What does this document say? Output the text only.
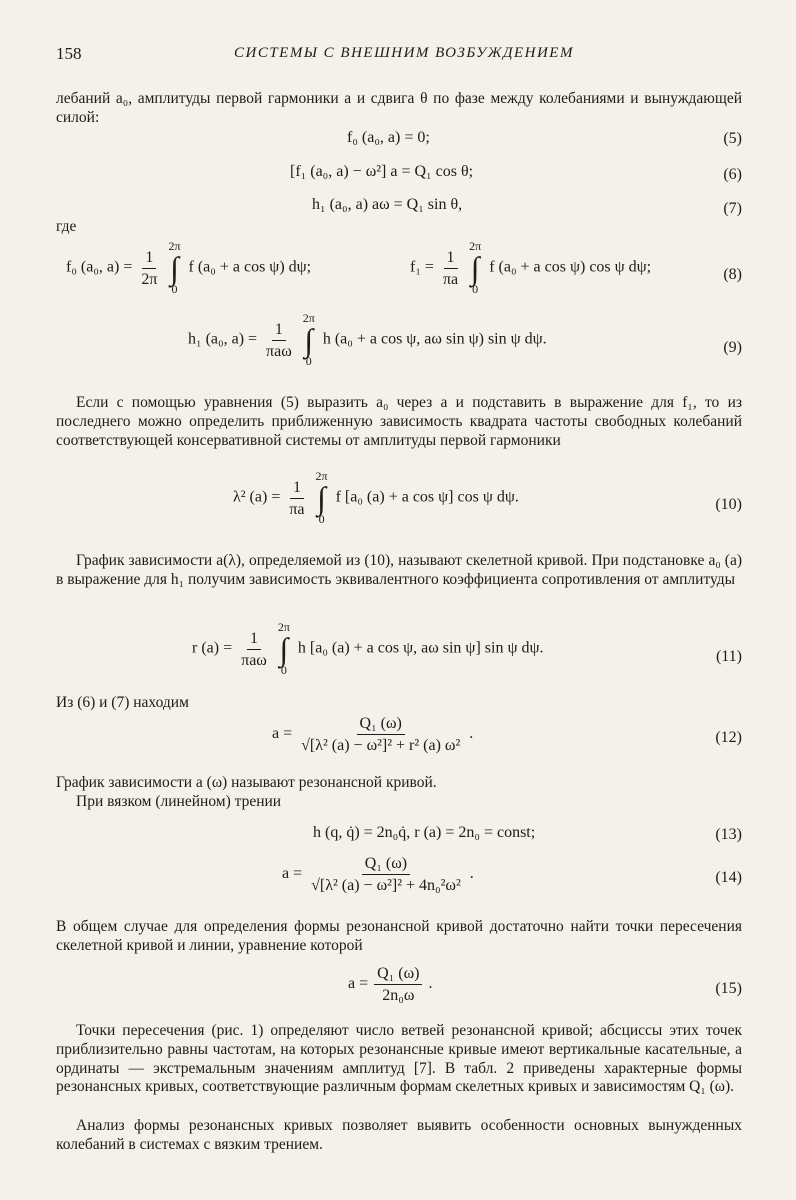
158	СИСТЕМЫ С ВНЕШНИМ ВОЗБУЖДЕНИЕМ
лебаний a₀, амплитуды первой гармоники a и сдвига θ по фазе между колебаниями и вынуждающей силой:
f₀ (a₀, a) = 0;	(5)
[f₁ (a₀, a) − ω²] a = Q₁ cos θ;	(6)
h₁ (a₀, a) aω = Q₁ sin θ,	(7)
где
f₀ (a₀, $a) = \frac{1}{2\pi}$

2π
∫
0
f (a₀ + a cos ψ) dψ;	$f_1 = \frac{1}{\pi a}$

2π
∫
0
f (a₀ + a cos ψ) cos ψ dψ;	(8)
h₁ (a₀, $a) = \frac{1}{\text{πaω}}$

2π
∫
0
h (a₀ + a cos ψ, aω sin ψ) sin ψ dψ.	(9)
Если с помощью уравнения (5) выразить a₀ через a и подставить в выражение для f₁, то из последнего можно определить приближенную зависимость квадрата частоты свободных колебаний соответствующей консервативной системы от амплитуды первой гармоники
λ² $(a) = \frac{1}{\pi a}$

2π
∫
0
f [a₀ (a) + a cos ψ] cos ψ dψ.	(10)
График зависимости a(λ), определяемой из (10), называют скелетной кривой. При подстановке a₀ (a) в выражение для h₁ получим зависимость эквивалентного коэффициента сопротивления от амплитуды
r $(a) = \frac{1}{\text{πaω}}$

2π
∫
0
h [a₀ (a) + a cos ψ, aω sin ψ] sin ψ dψ.	(11)
Из (6) и (7) находим
$a = \frac{\text{Q₁ (ω)}}{\text{√[λ² (a) − ω²]² + r² (a) ω²}}$ .	(12)
График зависимости a (ω) называют резонансной кривой.
При вязком (линейном) трении
h (q, q̇) = 2n₀q̇, r (a) = 2n₀ = const;	(13)
$a = \frac{\text{Q₁ (ω)}}{\text{√[λ² (a) − ω²]² + 4n₀²ω²}}$ .	(14)
В общем случае для определения формы резонансной кривой достаточно найти точки пересечения скелетной кривой и линии, уравнение которой
$a = \frac{\text{Q₁ (ω)}}{\text{2n₀ω}}$ .	(15)
Точки пересечения (рис. 1) определяют число ветвей резонансной кривой; абсциссы этих точек приблизительно равны частотам, на которых резонансные кривые имеют вертикальные касательные, а ординаты — экстремальным значениям амплитуд [7]. В табл. 2 приведены характерные формы резонансных кривых, соответствующие различным формам скелетных кривых и зависимостям Q₁ (ω).
Анализ формы резонансных кривых позволяет выявить особенности основных вынужденных колебаний в системах с вязким трением.
